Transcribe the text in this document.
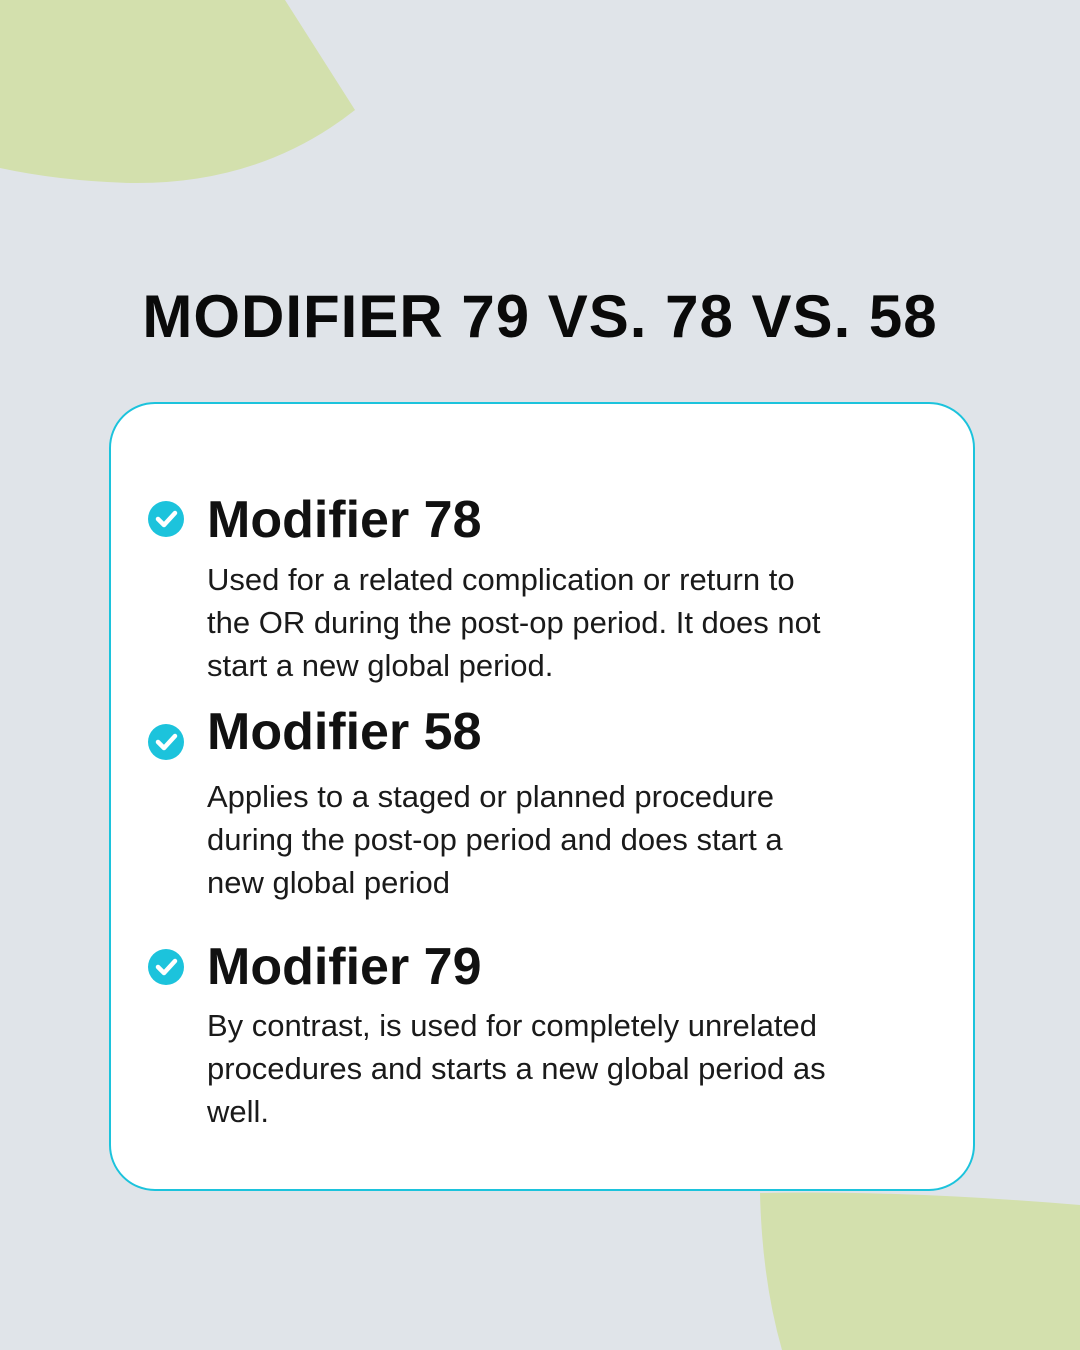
MODIFIER 79 VS. 78 VS. 58
Modifier 78
Used for a related complication or return to
the OR during the post-op period. It does not
start a new global period.
Modifier 58
Applies to a staged or planned procedure
during the post-op period and does start a
new global period
Modifier 79
By contrast, is used for completely unrelated
procedures and starts a new global period as
well.
